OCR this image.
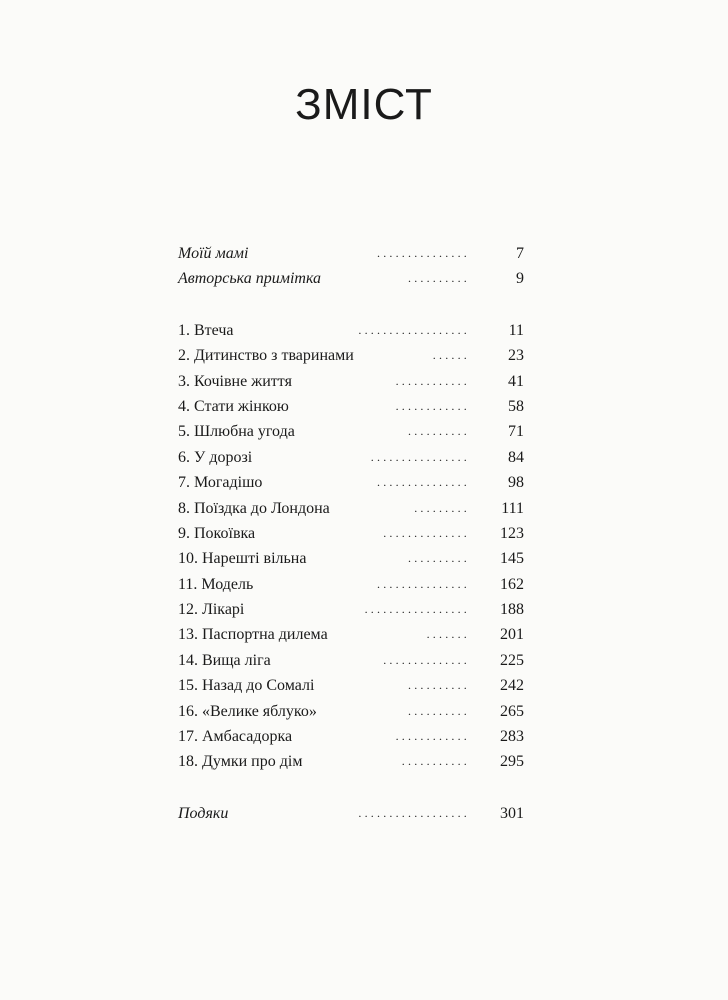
ЗМІСТ
Моїй мамі	...............	7
Авторська примітка	..........	9
1. Втеча	.................. 11
2. Дитинство з тваринами	...... 23
3. Кочівне життя	............ 41
4. Стати жінкою	............ 58
5. Шлюбна угода	.......... 71
6. У дорозі	................ 84
7. Могадішо	............... 98
8. Поїздка до Лондона	......... 111
9. Покоївка	.............. 123
10. Нарешті вільна	.......... 145
11. Модель	............... 162
12. Лікарі	................. 188
13. Паспортна дилема	....... 201
14. Вища ліга	.............. 225
15. Назад до Сомалі	.......... 242
16. «Велике яблуко»	.......... 265
17. Амбасадорка	............ 283
18. Думки про дім	........... 295
Подяки	.................. 301
